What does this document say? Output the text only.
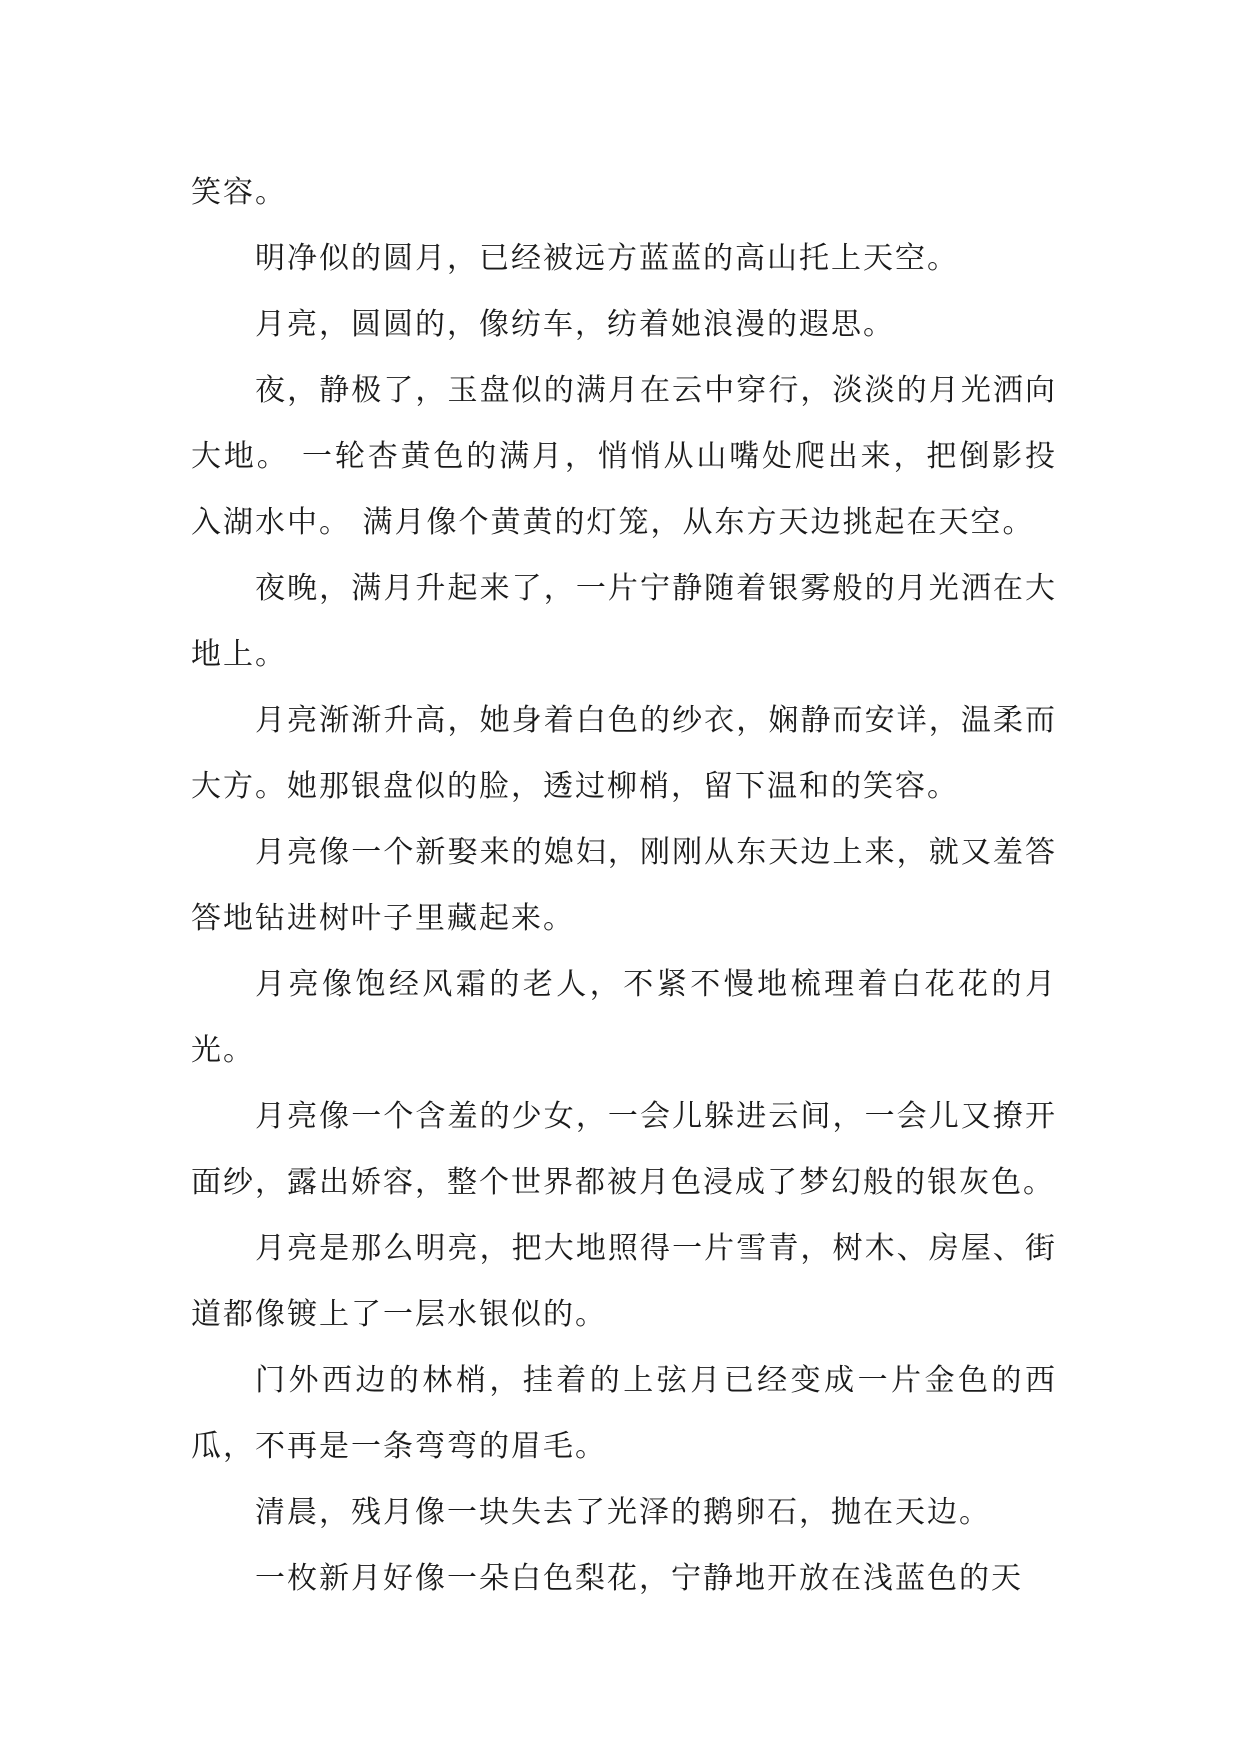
笑容。

明净似的圆月，已经被远方蓝蓝的高山托上天空。

月亮，圆圆的，像纺车，纺着她浪漫的遐思。

夜，静极了，玉盘似的满月在云中穿行，淡淡的月光洒向大地。 一轮杏黄色的满月，悄悄从山嘴处爬出来，把倒影投入湖水中。 满月像个黄黄的灯笼，从东方天边挑起在天空。

夜晚，满月升起来了，一片宁静随着银雾般的月光洒在大地上。

月亮渐渐升高，她身着白色的纱衣，娴静而安详，温柔而大方。她那银盘似的脸，透过柳梢，留下温和的笑容。

月亮像一个新娶来的媳妇，刚刚从东天边上来，就又羞答答地钻进树叶子里藏起来。

月亮像饱经风霜的老人，不紧不慢地梳理着白花花的月光。

月亮像一个含羞的少女，一会儿躲进云间，一会儿又撩开面纱，露出娇容，整个世界都被月色浸成了梦幻般的银灰色。

月亮是那么明亮，把大地照得一片雪青，树木、房屋、街道都像镀上了一层水银似的。

门外西边的林梢，挂着的上弦月已经变成一片金色的西瓜，不再是一条弯弯的眉毛。

清晨，残月像一块失去了光泽的鹅卵石，抛在天边。

一枚新月好像一朵白色梨花，宁静地开放在浅蓝色的天
